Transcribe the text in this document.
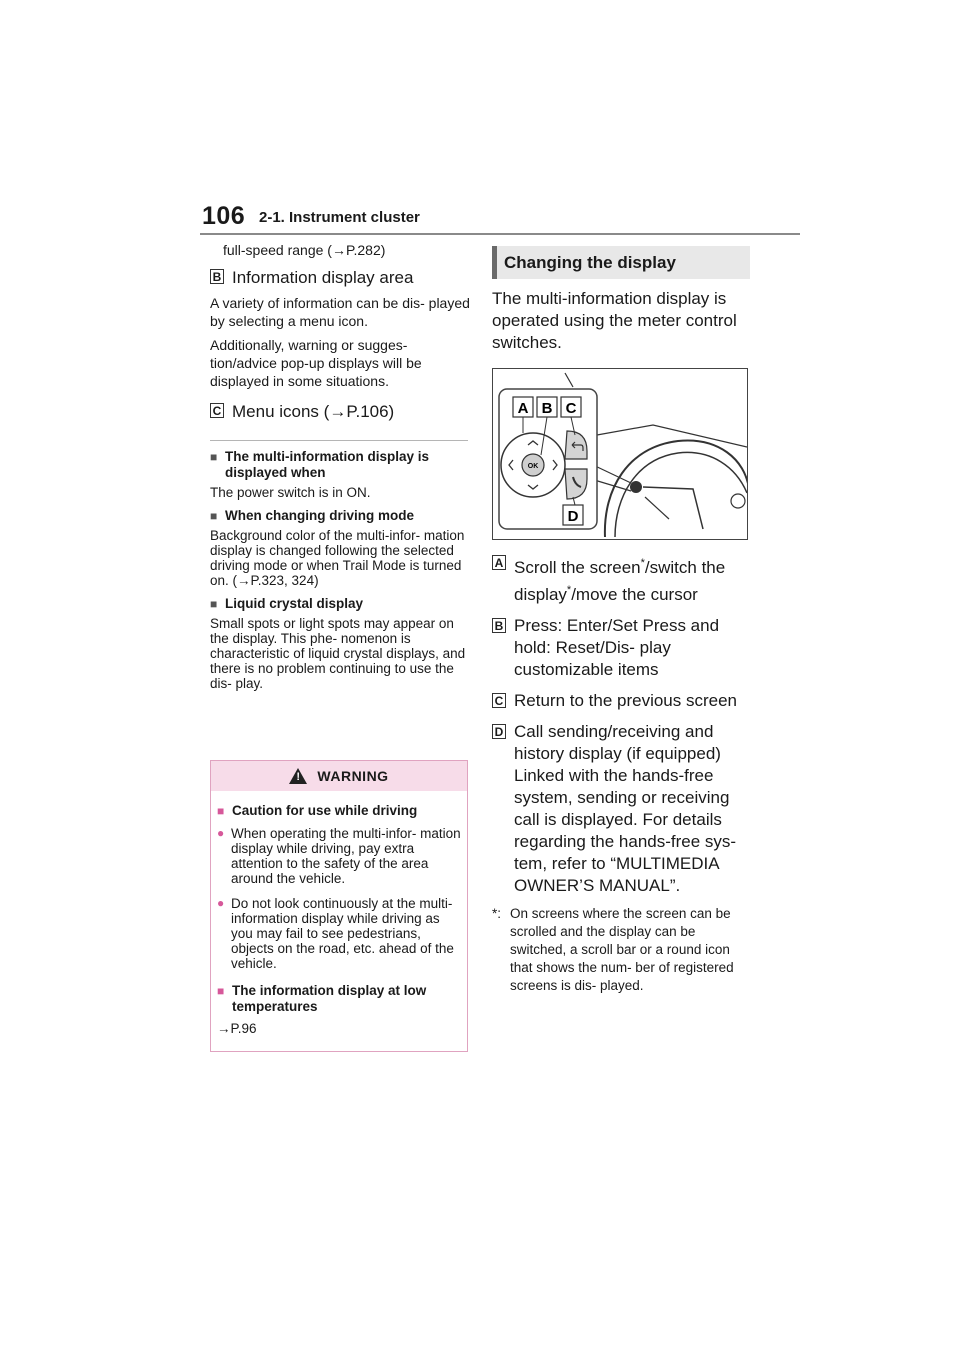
106 2-1. Instrument cluster
full-speed range (→P.282)
B Information display area
A variety of information can be dis- played by selecting a menu icon.
Additionally, warning or sugges- tion/advice pop-up displays will be displayed in some situations.
C Menu icons (→P.106)
■ The multi-information display is displayed when
The power switch is in ON.
■ When changing driving mode
Background color of the multi-infor- mation display is changed following the selected driving mode or when Trail Mode is turned on. (→P.323, 324)
■ Liquid crystal display
Small spots or light spots may appear on the display. This phe- nomenon is characteristic of liquid crystal displays, and there is no problem continuing to use the dis- play.
!
WARNING
■ Caution for use while driving
● When operating the multi-infor- mation display while driving, pay extra attention to the safety of the area around the vehicle.
● Do not look continuously at the multi-information display while driving as you may fail to see pedestrians, objects on the road, etc. ahead of the vehicle.
■ The information display at low temperatures
→P.96
Changing the display
The multi-information display is operated using the meter control switches.
OK
A B C
D
A Scroll the screen*/switch the display*/move the cursor
B Press: Enter/Set Press and hold: Reset/Dis- play customizable items
C Return to the previous screen
D Call sending/receiving and history display (if equipped) Linked with the hands-free system, sending or receiving call is displayed. For details regarding the hands-free sys- tem, refer to “MULTIMEDIA OWNER’S MANUAL”.
*: On screens where the screen can be scrolled and the display can be switched, a scroll bar or a round icon that shows the num- ber of registered screens is dis- played.
